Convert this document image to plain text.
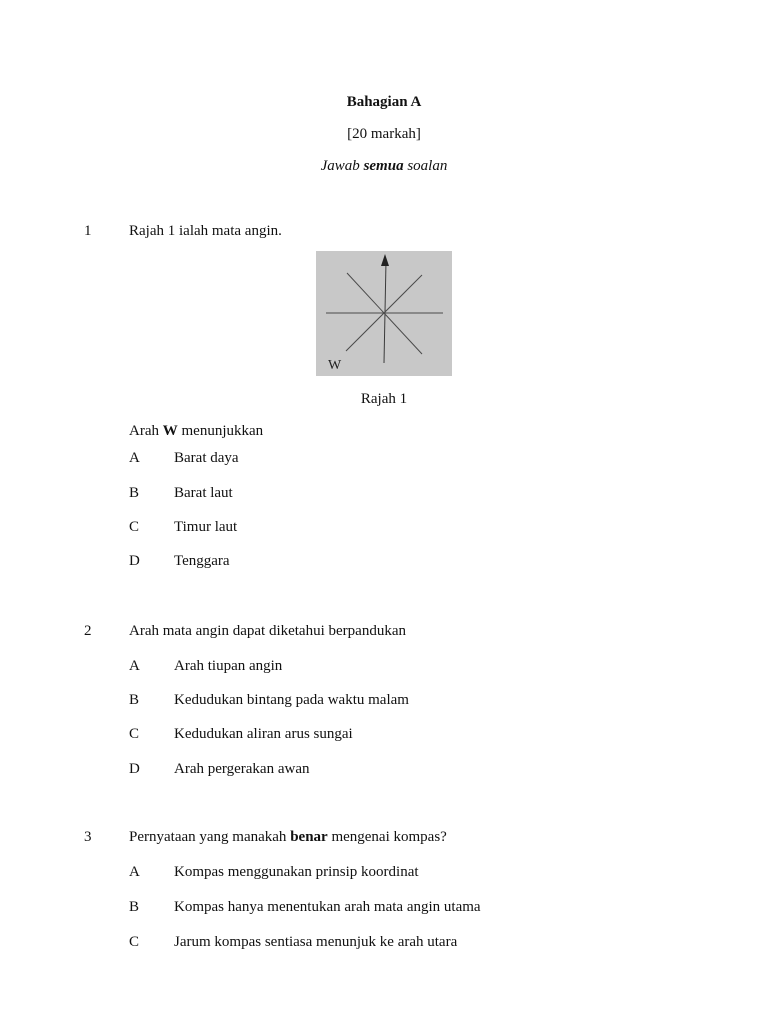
Bahagian A
[20 markah]
Jawab semua soalan
1	Rajah 1 ialah mata angin.
W
Rajah 1
Arah W menunjukkan
A Barat daya
B Barat laut
C Timur laut
D Tenggara
2	Arah mata angin dapat diketahui berpandukan
A Arah tiupan angin
B Kedudukan bintang pada waktu malam
C Kedudukan aliran arus sungai
D Arah pergerakan awan
3	Pernyataan yang manakah benar mengenai kompas?
A Kompas menggunakan prinsip koordinat
B Kompas hanya menentukan arah mata angin utama
C Jarum kompas sentiasa menunjuk ke arah utara
